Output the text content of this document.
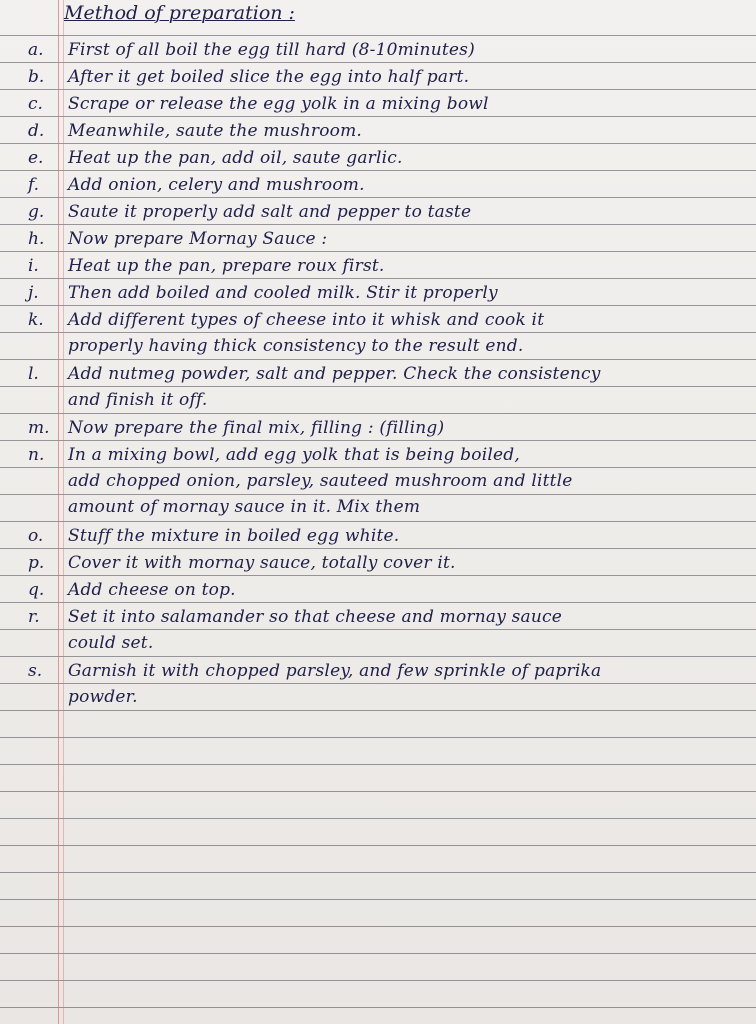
Method of preparation :
a. First of all boil the egg till hard (8-10minutes)
b. After it get boiled slice the egg into half part.
c. Scrape or release the egg yolk in a mixing bowl
d. Meanwhile, saute the mushroom.
e. Heat up the pan, add oil, saute garlic.
f. Add onion, celery and mushroom.
g. Saute it properly add salt and pepper to taste
h. Now prepare Mornay Sauce :
i. Heat up the pan, prepare roux first.
j. Then add boiled and cooled milk. Stir it properly
k. Add different types of cheese into it whisk and cook it
properly having thick consistency to the result end.
l. Add nutmeg powder, salt and pepper. Check the consistency
and finish it off.
m. Now prepare the final mix, filling : (filling)
n. In a mixing bowl, add egg yolk that is being boiled,
add chopped onion, parsley, sauteed mushroom and little
amount of mornay sauce in it. Mix them
o. Stuff the mixture in boiled egg white.
p. Cover it with mornay sauce, totally cover it.
q. Add cheese on top.
r. Set it into salamander so that cheese and mornay sauce
could set.
s. Garnish it with chopped parsley, and few sprinkle of paprika
powder.
